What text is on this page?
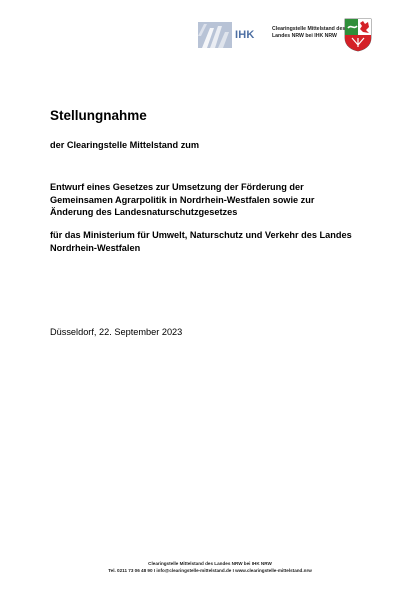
IHK	Clearingstelle Mittelstand des
Landes NRW bei IHK NRW
Stellungnahme
der Clearingstelle Mittelstand zum
Entwurf eines Gesetzes zur Umsetzung der Förderung der
Gemeinsamen Agrarpolitik in Nordrhein-Westfalen sowie zur
Änderung des Landesnaturschutzgesetzes
für das Ministerium für Umwelt, Naturschutz und Verkehr des Landes
Nordrhein-Westfalen
Düsseldorf, 22. September 2023
Clearingstelle Mittelstand des Landes NRW bei IHK NRW
Tel. 0211 73 06 48 90 I info@clearingstelle-mittelstand.de I www.clearingstelle-mittelstand.nrw
